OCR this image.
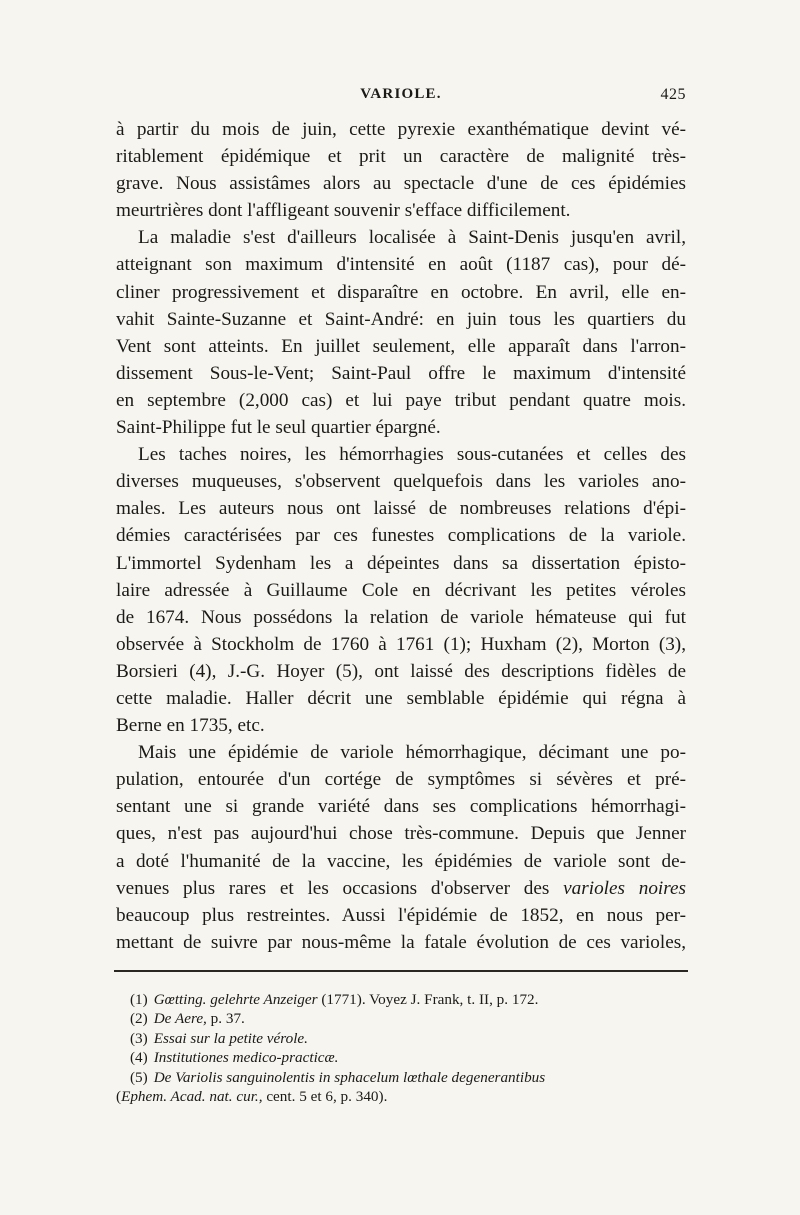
VARIOLE.	425

à partir du mois de juin, cette pyrexie exanthématique devint vé-
ritablement épidémique et prit un caractère de malignité très-
grave. Nous assistâmes alors au spectacle d'une de ces épidémies
meurtrières dont l'affligeant souvenir s'efface difficilement.

La maladie s'est d'ailleurs localisée à Saint-Denis jusqu'en avril,
atteignant son maximum d'intensité en août (1187 cas), pour dé-
cliner progressivement et disparaître en octobre. En avril, elle en-
vahit Sainte-Suzanne et Saint-André: en juin tous les quartiers du
Vent sont atteints. En juillet seulement, elle apparaît dans l'arron-
dissement Sous-le-Vent; Saint-Paul offre le maximum d'intensité
en septembre (2,000 cas) et lui paye tribut pendant quatre mois.
Saint-Philippe fut le seul quartier épargné.

Les taches noires, les hémorrhagies sous-cutanées et celles des
diverses muqueuses, s'observent quelquefois dans les varioles ano-
males. Les auteurs nous ont laissé de nombreuses relations d'épi-
démies caractérisées par ces funestes complications de la variole.
L'immortel Sydenham les a dépeintes dans sa dissertation épisto-
laire adressée à Guillaume Cole en décrivant les petites véroles
de 1674. Nous possédons la relation de variole hémateuse qui fut
observée à Stockholm de 1760 à 1761 (1); Huxham (2), Morton (3),
Borsieri (4), J.-G. Hoyer (5), ont laissé des descriptions fidèles de
cette maladie. Haller décrit une semblable épidémie qui régna à
Berne en 1735, etc.

Mais une épidémie de variole hémorrhagique, décimant une po-
pulation, entourée d'un cortége de symptômes si sévères et pré-
sentant une si grande variété dans ses complications hémorrhagi-
ques, n'est pas aujourd'hui chose très-commune. Depuis que Jenner
a doté l'humanité de la vaccine, les épidémies de variole sont de-
venues plus rares et les occasions d'observer des varioles noires
beaucoup plus restreintes. Aussi l'épidémie de 1852, en nous per-
mettant de suivre par nous-même la fatale évolution de ces varioles,

(1) Gœtting. gelehrte Anzeiger (1771). Voyez J. Frank, t. II, p. 172.
(2) De Aere, p. 37.
(3) Essai sur la petite vérole.
(4) Institutiones medico-practicæ.
(5) De Variolis sanguinolentis in sphacelum lœthale degenerantibus
(Ephem. Acad. nat. cur., cent. 5 et 6, p. 340).
